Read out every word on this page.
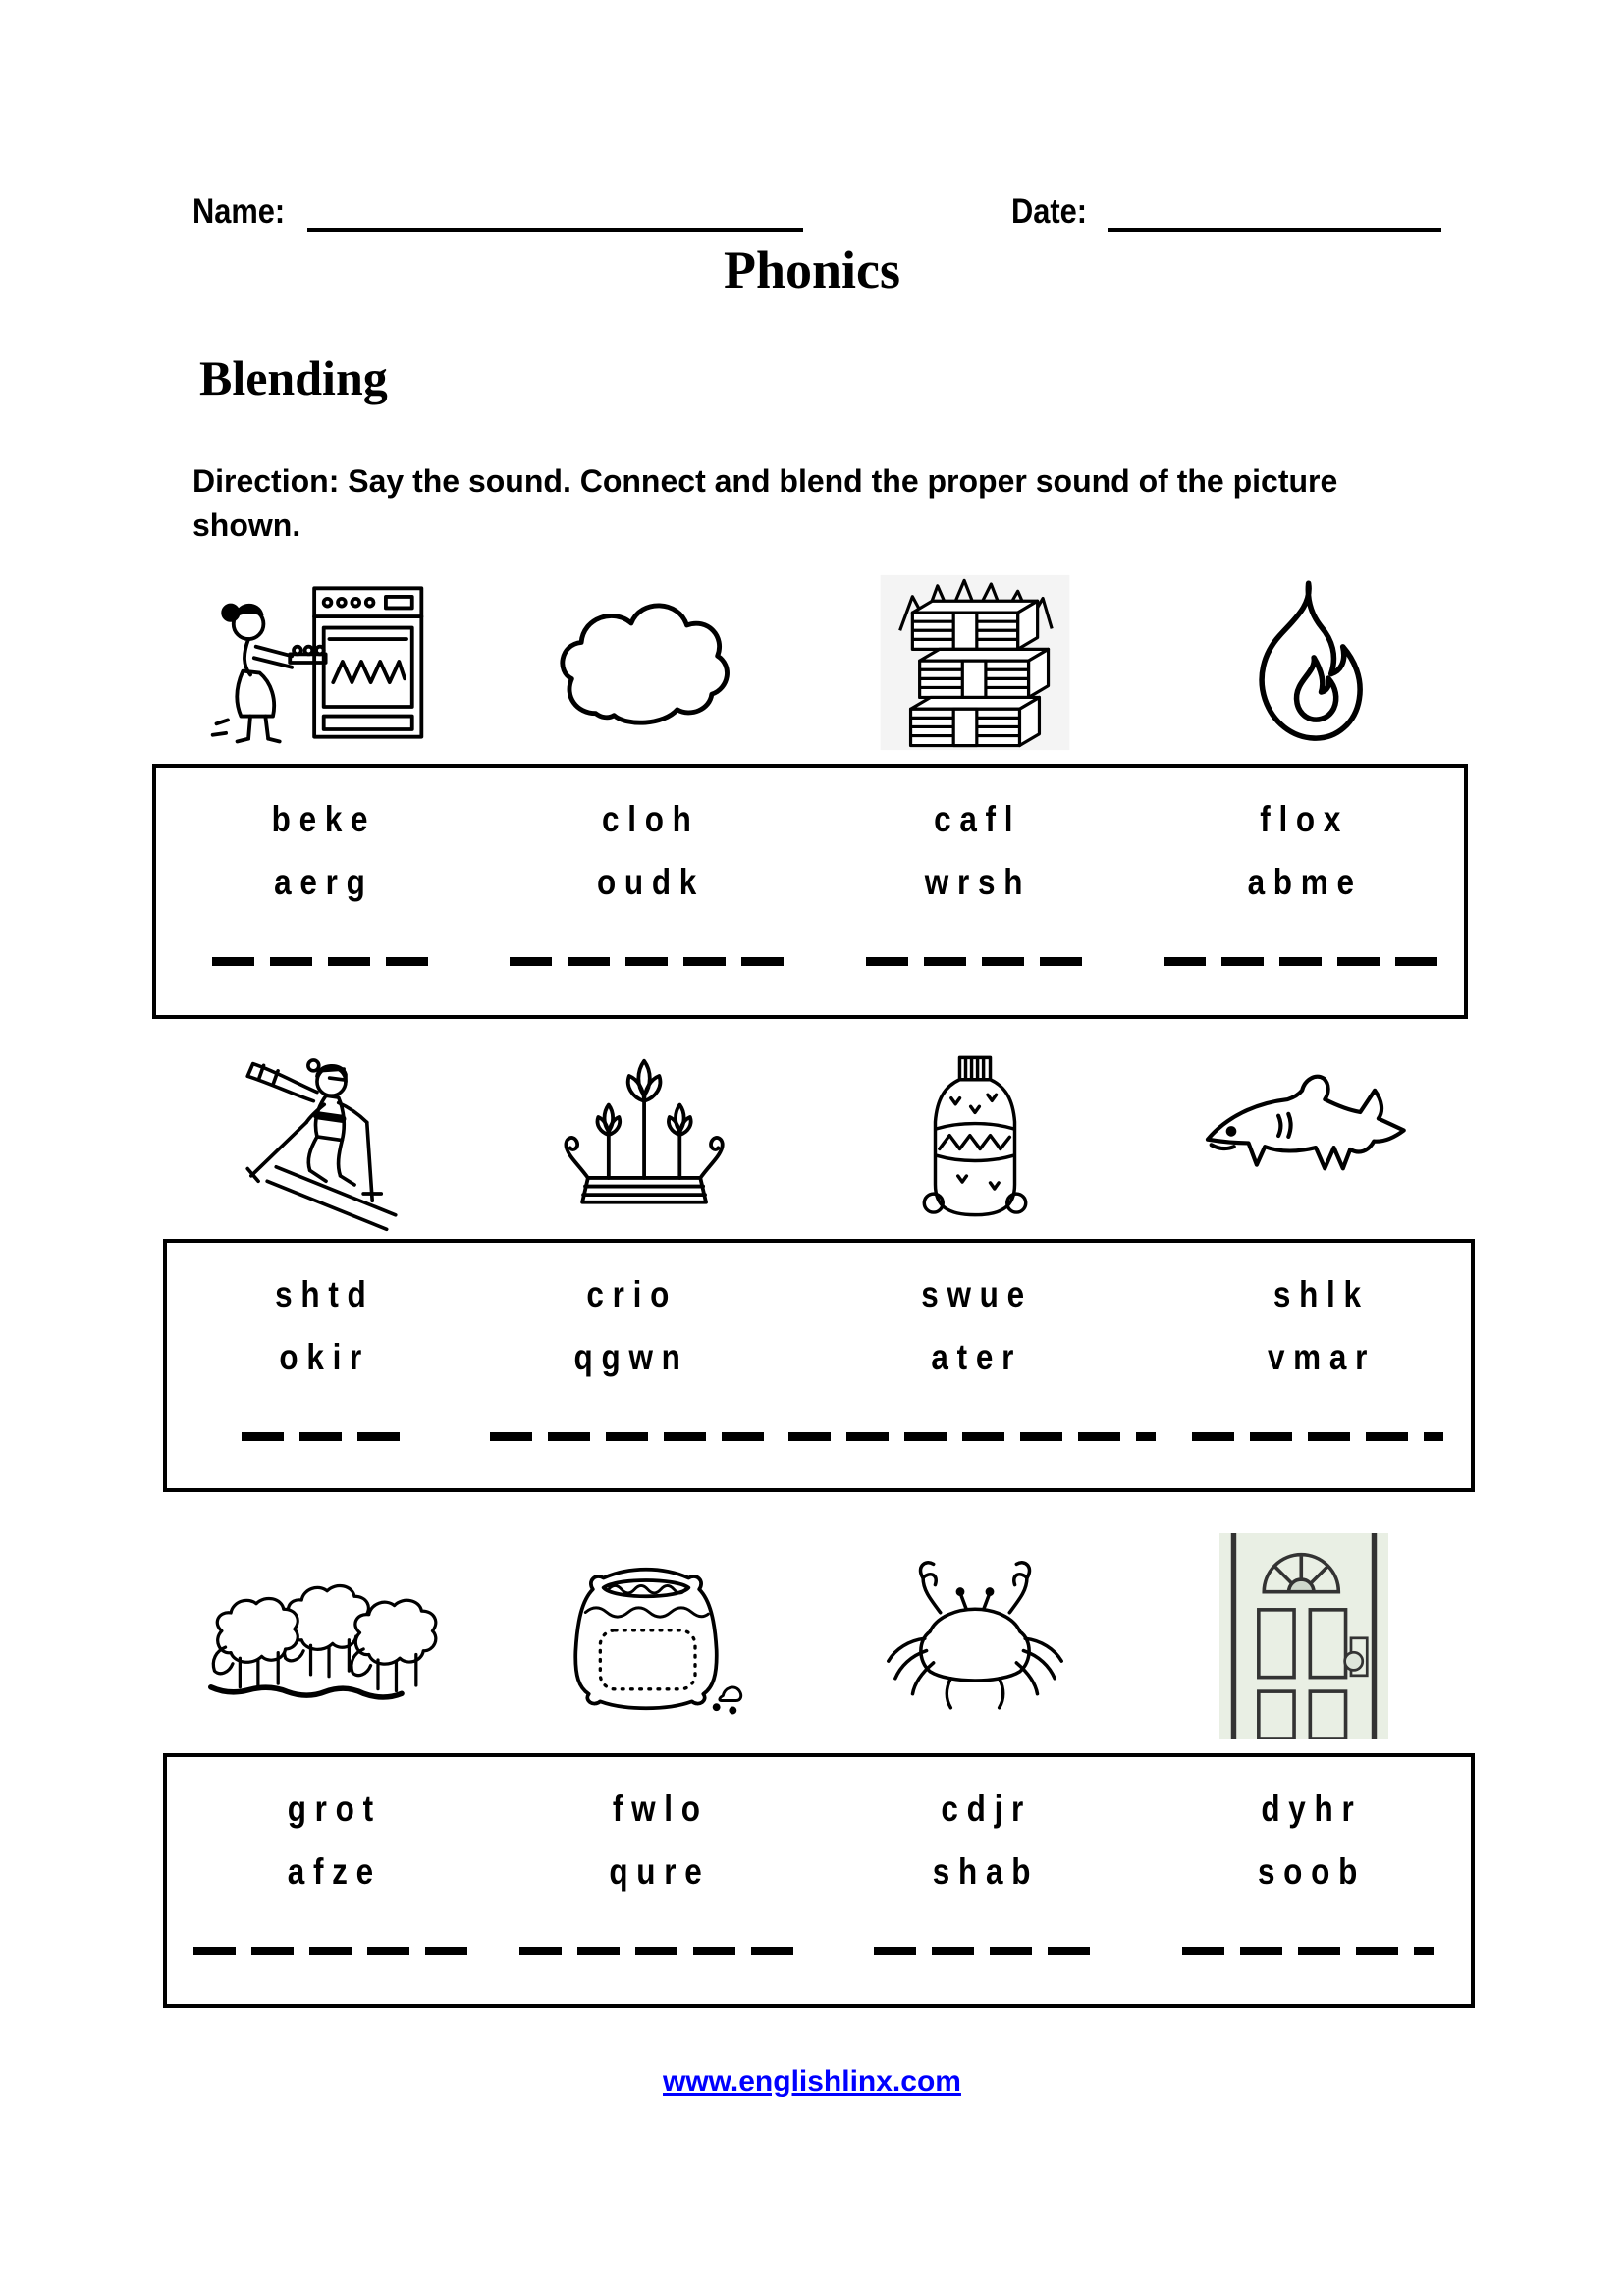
Name:	Date:
Phonics
Blending
Direction: Say the sound. Connect and blend the proper sound of the picture shown.
b e k e
a e r g
c l o h
o u d k
c a f l
w r s h
f l o x
a b m e
s h t d
o k i r
c r i o
q g w n
s w u e
a t e r
s h l k
v m a r
g r o t
a f z e
f w l o
q u r e
c d j r
s h a b
d y h r
s o o b
www.englishlinx.com
